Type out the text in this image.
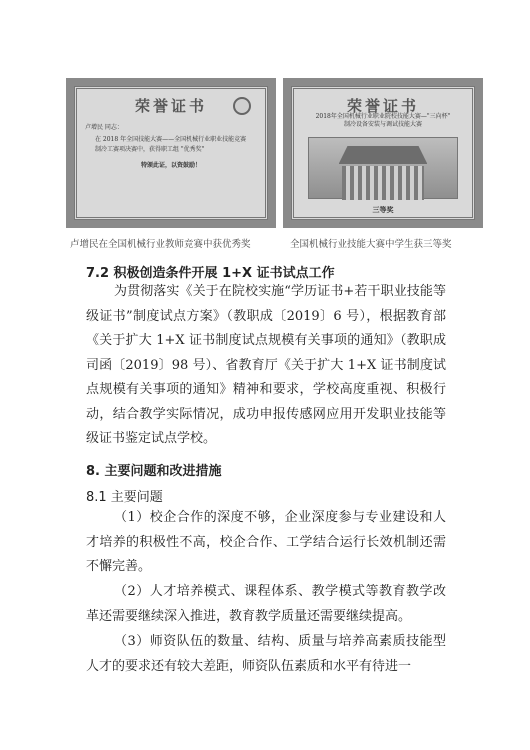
荣誉证书
卢增民 同志：
在 2018 年全国技能大赛——全国机械行业职业技能竞赛
制冷工赛项决赛中，获得职工组 "优秀奖"
特颁此证，以资鼓励！
荣誉证书
2018年全国机械行业职业院校技能大赛—"三向杯"
制冷设备安装与调试技能大赛
三等奖
卢增民在全国机械行业教师竞赛中获优秀奖	全国机械行业技能大赛中学生获三等奖
7.2 积极创造条件开展 1+X 证书试点工作

为贯彻落实《关于在院校实施“学历证书+若干职业技能等级证书”制度试点方案》（教职成〔2019〕6 号），根据教育部《关于扩大 1+X 证书制度试点规模有关事项的通知》（教职成司函〔2019〕98 号）、省教育厅《关于扩大 1+X 证书制度试点规模有关事项的通知》精神和要求，学校高度重视、积极行动，结合教学实际情况，成功申报传感网应用开发职业技能等级证书鉴定试点学校。

8. 主要问题和改进措施
8.1 主要问题

（1）校企合作的深度不够，企业深度参与专业建设和人才培养的积极性不高，校企合作、工学结合运行长效机制还需不懈完善。

（2）人才培养模式、课程体系、教学模式等教育教学改革还需要继续深入推进，教育教学质量还需要继续提高。

（3）师资队伍的数量、结构、质量与培养高素质技能型人才的要求还有较大差距，师资队伍素质和水平有待进一
